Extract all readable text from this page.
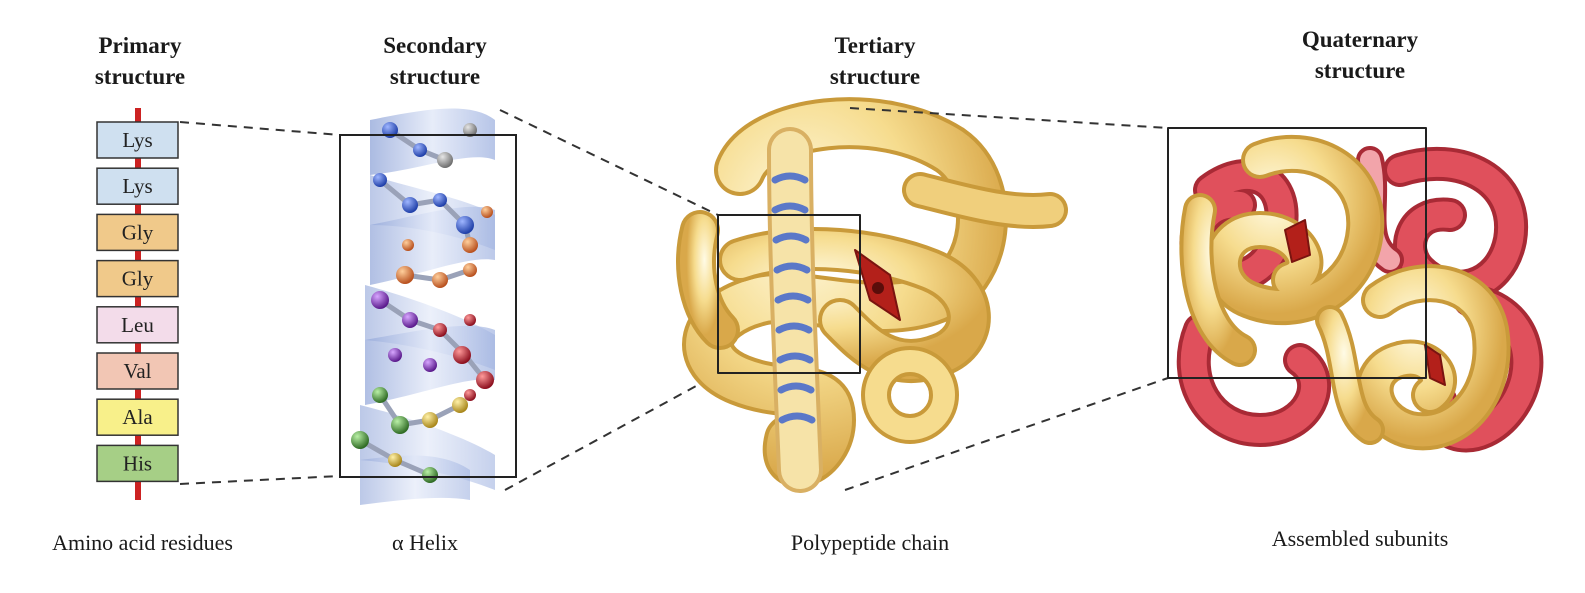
Primary
structure
Secondary
structure
Tertiary
structure
Quaternary
structure
Lys
Lys
Gly
Gly
Leu
Val
Ala
His
Amino acid residues	α Helix	Polypeptide chain	Assembled subunits
